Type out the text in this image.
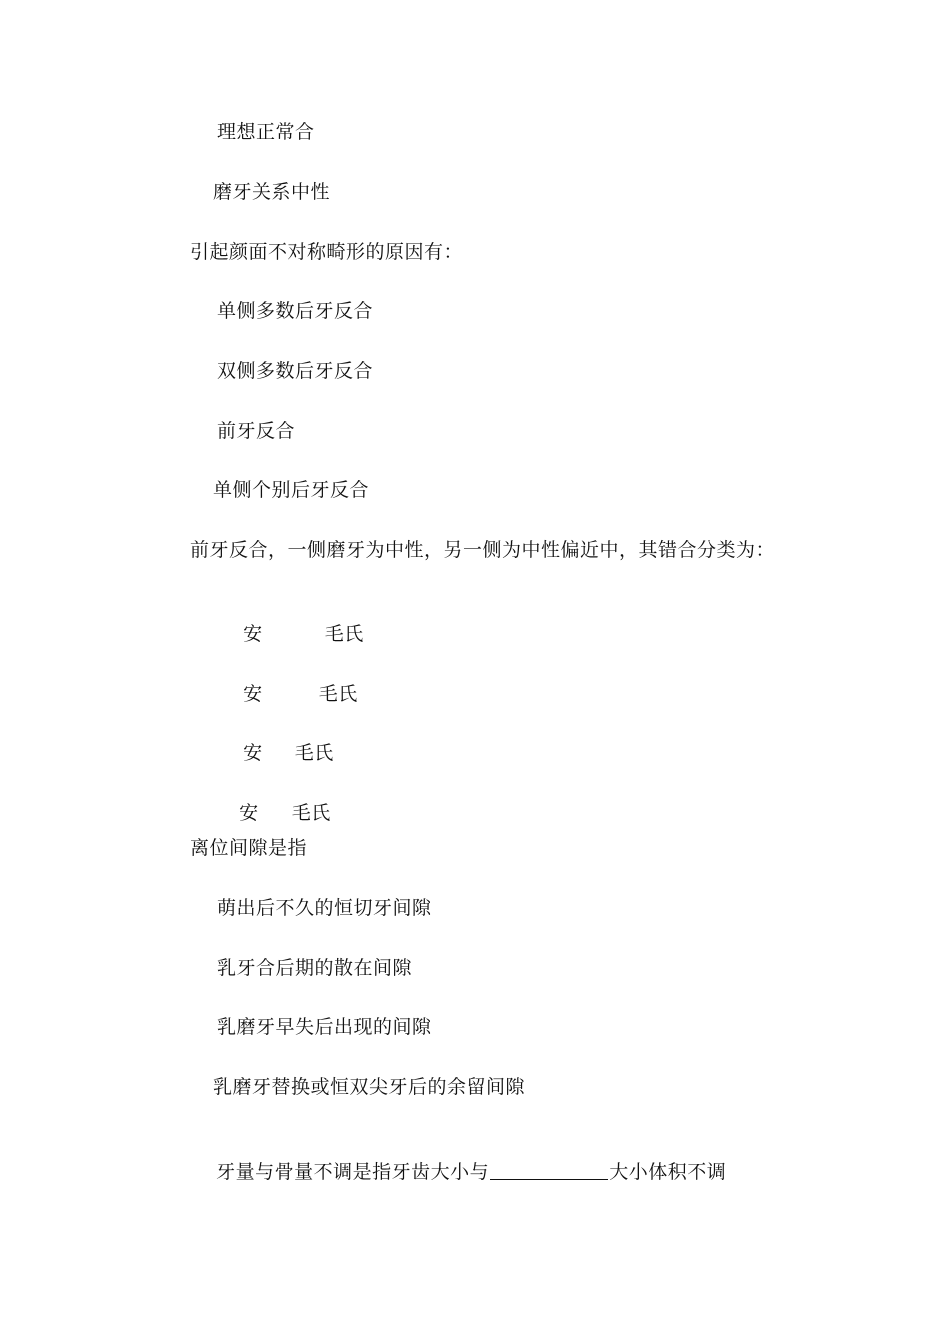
理想正常合
磨牙关系中性
引起颜面不对称畸形的原因有：
单侧多数后牙反合
双侧多数后牙反合
前牙反合
单侧个别后牙反合
前牙反合，一侧磨牙为中性，另一侧为中性偏近中，其错合分类为：

安	毛氏

安	毛氏

安 毛氏

安 毛氏

离位间隙是指
萌出后不久的恒切牙间隙
乳牙合后期的散在间隙
乳磨牙早失后出现的间隙
乳磨牙替换或恒双尖牙后的余留间隙

牙量与骨量不调是指牙齿大小与	大小体积不调
